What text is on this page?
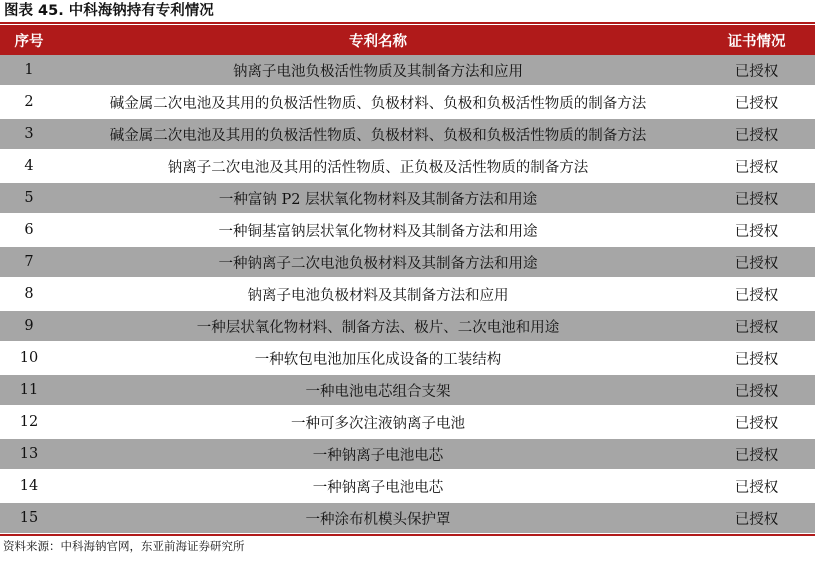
图表 45. 中科海钠持有专利情况
序号	专利名称	证书情况
1	钠离子电池负极活性物质及其制备方法和应用	已授权
2	碱金属二次电池及其用的负极活性物质、负极材料、负极和负极活性物质的制备方法	已授权
3	碱金属二次电池及其用的负极活性物质、负极材料、负极和负极活性物质的制备方法	已授权
4	钠离子二次电池及其用的活性物质、正负极及活性物质的制备方法	已授权
5	一种富钠 P2 层状氧化物材料及其制备方法和用途	已授权
6	一种铜基富钠层状氧化物材料及其制备方法和用途	已授权
7	一种钠离子二次电池负极材料及其制备方法和用途	已授权
8	钠离子电池负极材料及其制备方法和应用	已授权
9	一种层状氧化物材料、制备方法、极片、二次电池和用途	已授权
10	一种软包电池加压化成设备的工装结构	已授权
11	一种电池电芯组合支架	已授权
12	一种可多次注液钠离子电池	已授权
13	一种钠离子电池电芯	已授权
14	一种钠离子电池电芯	已授权
15	一种涂布机模头保护罩	已授权
资料来源：中科海钠官网，东亚前海证券研究所
